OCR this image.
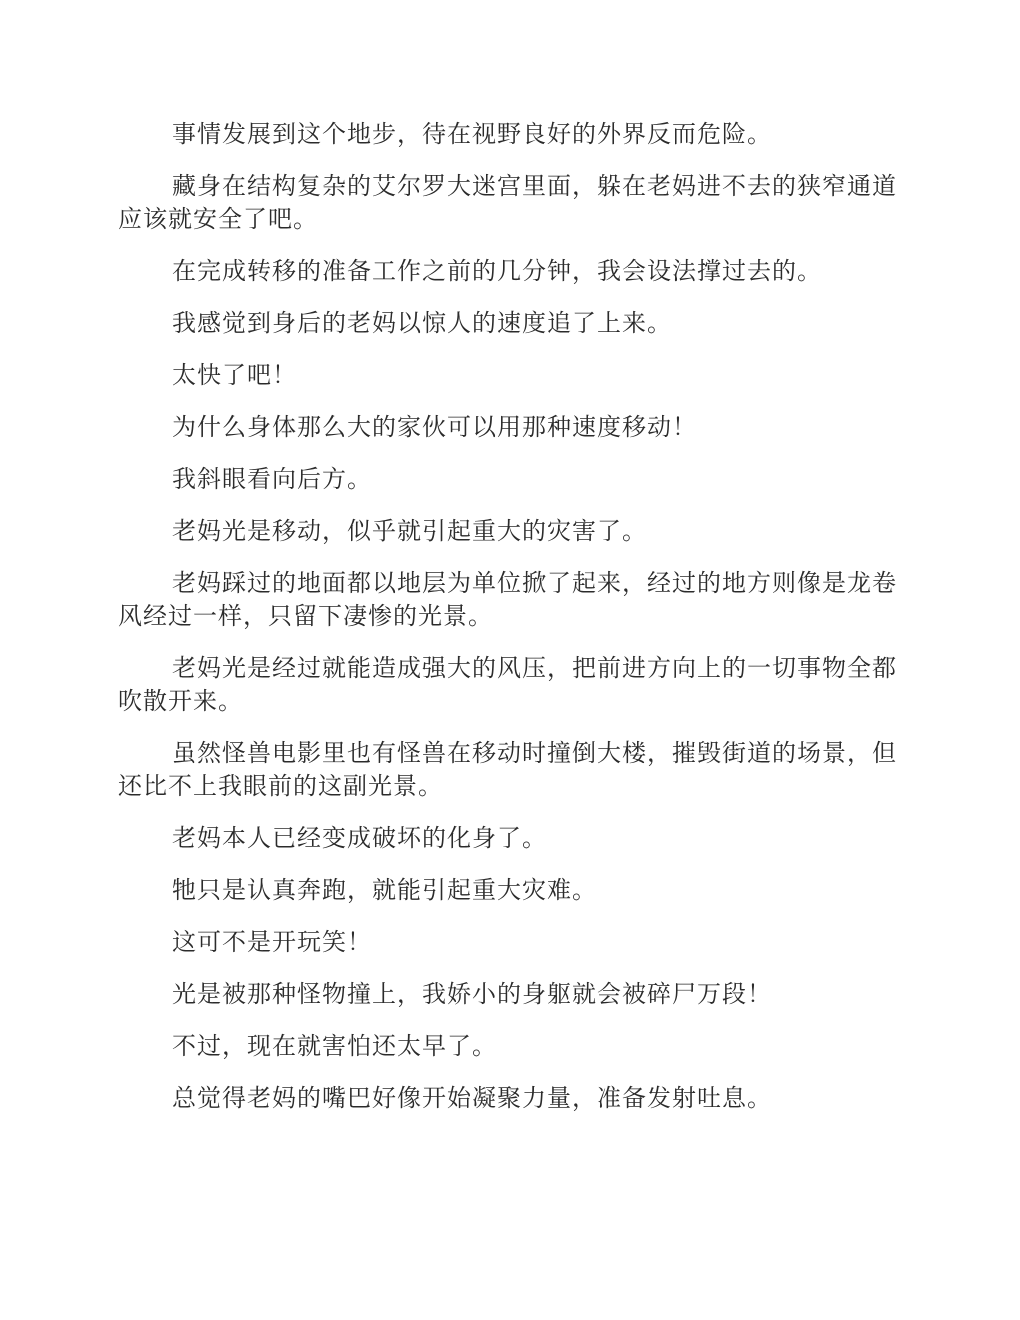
事情发展到这个地步，待在视野良好的外界反而危险。

藏身在结构复杂的艾尔罗大迷宫里面，躲在老妈进不去的狭窄通道应该就安全了吧。

在完成转移的准备工作之前的几分钟，我会设法撑过去的。

我感觉到身后的老妈以惊人的速度追了上来。

太快了吧！

为什么身体那么大的家伙可以用那种速度移动！

我斜眼看向后方。

老妈光是移动，似乎就引起重大的灾害了。

老妈踩过的地面都以地层为单位掀了起来，经过的地方则像是龙卷风经过一样，只留下凄惨的光景。

老妈光是经过就能造成强大的风压，把前进方向上的一切事物全都吹散开来。

虽然怪兽电影里也有怪兽在移动时撞倒大楼，摧毁街道的场景，但还比不上我眼前的这副光景。

老妈本人已经变成破坏的化身了。

牠只是认真奔跑，就能引起重大灾难。

这可不是开玩笑！

光是被那种怪物撞上，我娇小的身躯就会被碎尸万段！

不过，现在就害怕还太早了。

总觉得老妈的嘴巴好像开始凝聚力量，准备发射吐息。
